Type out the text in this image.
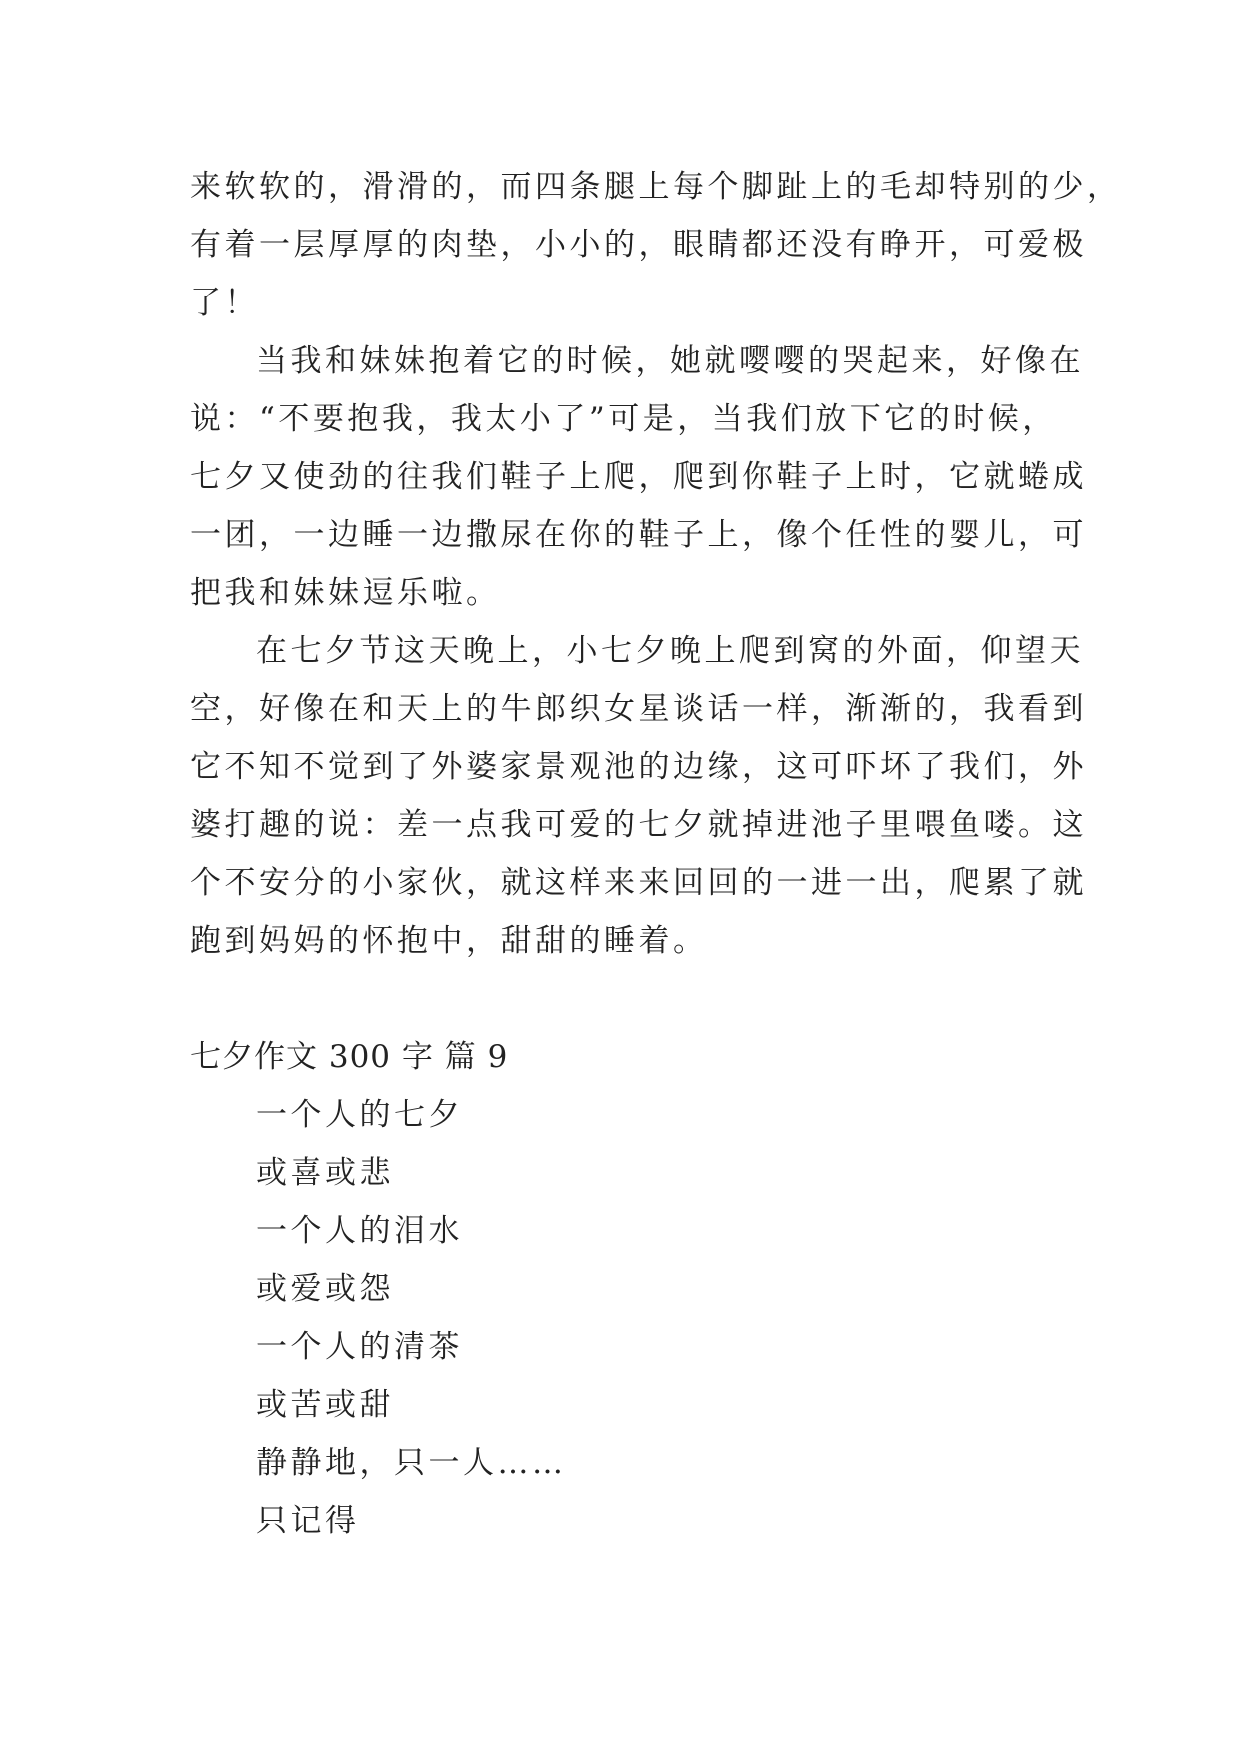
来软软的，滑滑的，而四条腿上每个脚趾上的毛却特别的少，
有着一层厚厚的肉垫，小小的，眼睛都还没有睁开，可爱极
了！
当我和妹妹抱着它的时候，她就嘤嘤的哭起来，好像在
说：“不要抱我，我太小了”可是，当我们放下它的时候，
七夕又使劲的往我们鞋子上爬，爬到你鞋子上时，它就蜷成
一团，一边睡一边撒尿在你的鞋子上，像个任性的婴儿，可
把我和妹妹逗乐啦。
在七夕节这天晚上，小七夕晚上爬到窝的外面，仰望天
空，好像在和天上的牛郎织女星谈话一样，渐渐的，我看到
它不知不觉到了外婆家景观池的边缘，这可吓坏了我们，外
婆打趣的说：差一点我可爱的七夕就掉进池子里喂鱼喽。这
个不安分的小家伙，就这样来来回回的一进一出，爬累了就
跑到妈妈的怀抱中，甜甜的睡着。
七夕作文 300 字 篇 9
一个人的七夕
或喜或悲
一个人的泪水
或爱或怨
一个人的清茶
或苦或甜
静静地，只一人……
只记得
